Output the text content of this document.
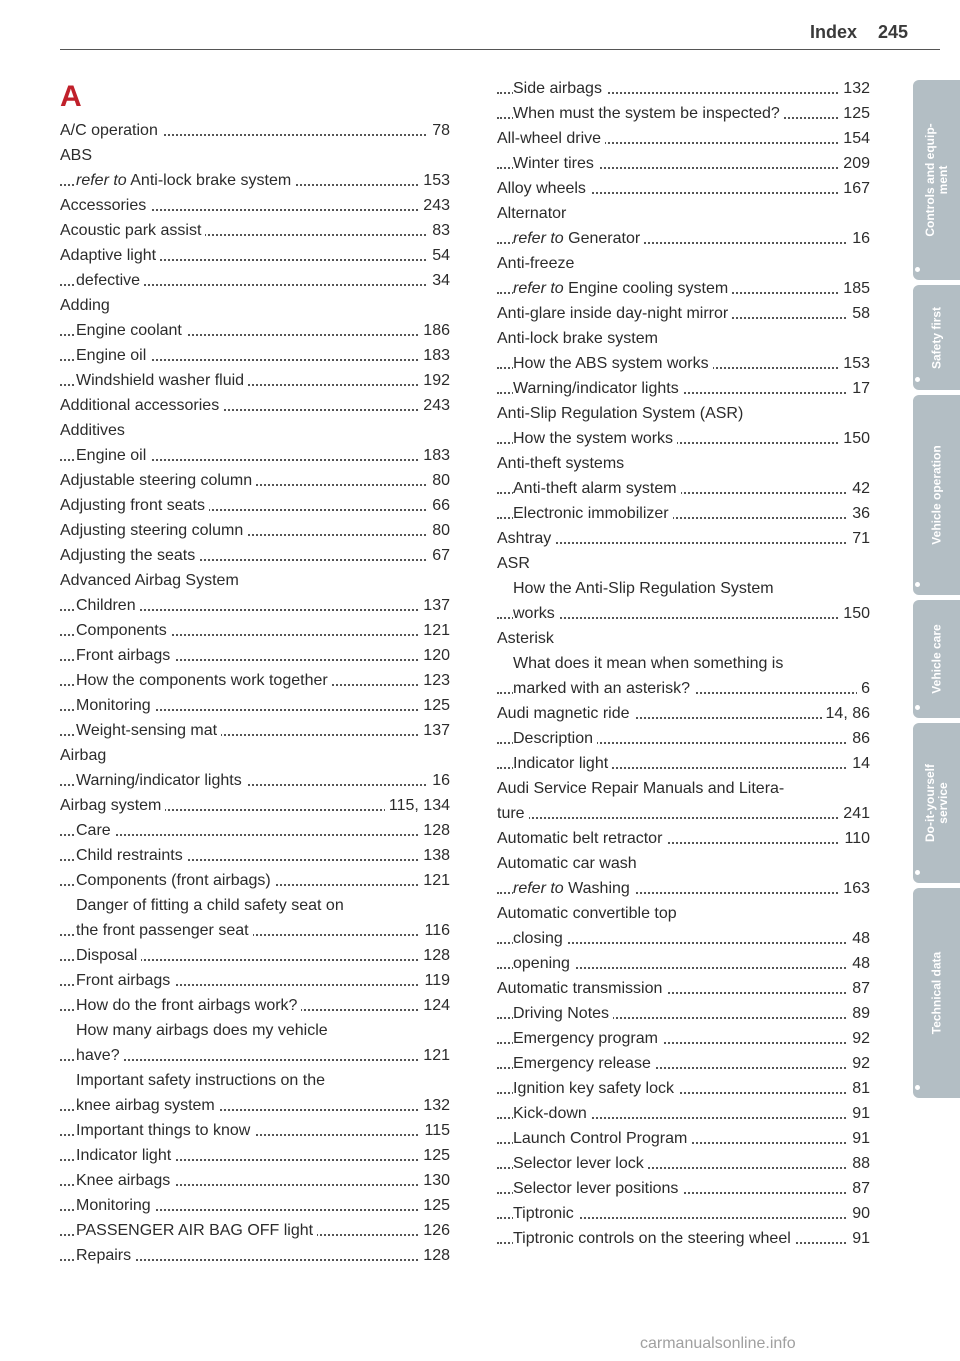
Index 245
A
A/C operation	78
ABS
refer to Anti-lock brake system	153
Accessories	243
Acoustic park assist	83
Adaptive light	54
defective	34
Adding
Engine coolant	186
Engine oil	183
Windshield washer fluid	192
Additional accessories	243
Additives
Engine oil	183
Adjustable steering column	80
Adjusting front seats	66
Adjusting steering column	80
Adjusting the seats	67
Advanced Airbag System
Children	137
Components	121
Front airbags	120
How the components work together	123
Monitoring	125
Weight-sensing mat	137
Airbag
Warning/indicator lights	16
Airbag system	115, 134
Care	128
Child restraints	138
Components (front airbags)	121
Danger of fitting a child safety seat on
the front passenger seat	116
Disposal	128
Front airbags	119
How do the front airbags work?	124
How many airbags does my vehicle
have?	121
Important safety instructions on the
knee airbag system	132
Important things to know	115
Indicator light	125
Knee airbags	130
Monitoring	125
PASSENGER AIR BAG OFF light	126
Repairs	128
Side airbags	132
When must the system be inspected?	125
All-wheel drive	154
Winter tires	209
Alloy wheels	167
Alternator
refer to Generator	16
Anti-freeze
refer to Engine cooling system	185
Anti-glare inside day-night mirror	58
Anti-lock brake system
How the ABS system works	153
Warning/indicator lights	17
Anti-Slip Regulation System (ASR)
How the system works	150
Anti-theft systems
Anti-theft alarm system	42
Electronic immobilizer	36
Ashtray	71
ASR
How the Anti-Slip Regulation System
works	150
Asterisk
What does it mean when something is
marked with an asterisk?	6
Audi magnetic ride	14, 86
Description	86
Indicator light	14
Audi Service Repair Manuals and Litera-
ture	241
Automatic belt retractor	110
Automatic car wash
refer to Washing	163
Automatic convertible top
closing	48
opening	48
Automatic transmission	87
Driving Notes	89
Emergency program	92
Emergency release	92
Ignition key safety lock	81
Kick-down	91
Launch Control Program	91
Selector lever lock	88
Selector lever positions	87
Tiptronic	90
Tiptronic controls on the steering wheel	91
Controls and equip-
ment
Safety first
Vehicle operation
Vehicle care
Do-it-yourself
service
Technical data
carmanualsonline.info
